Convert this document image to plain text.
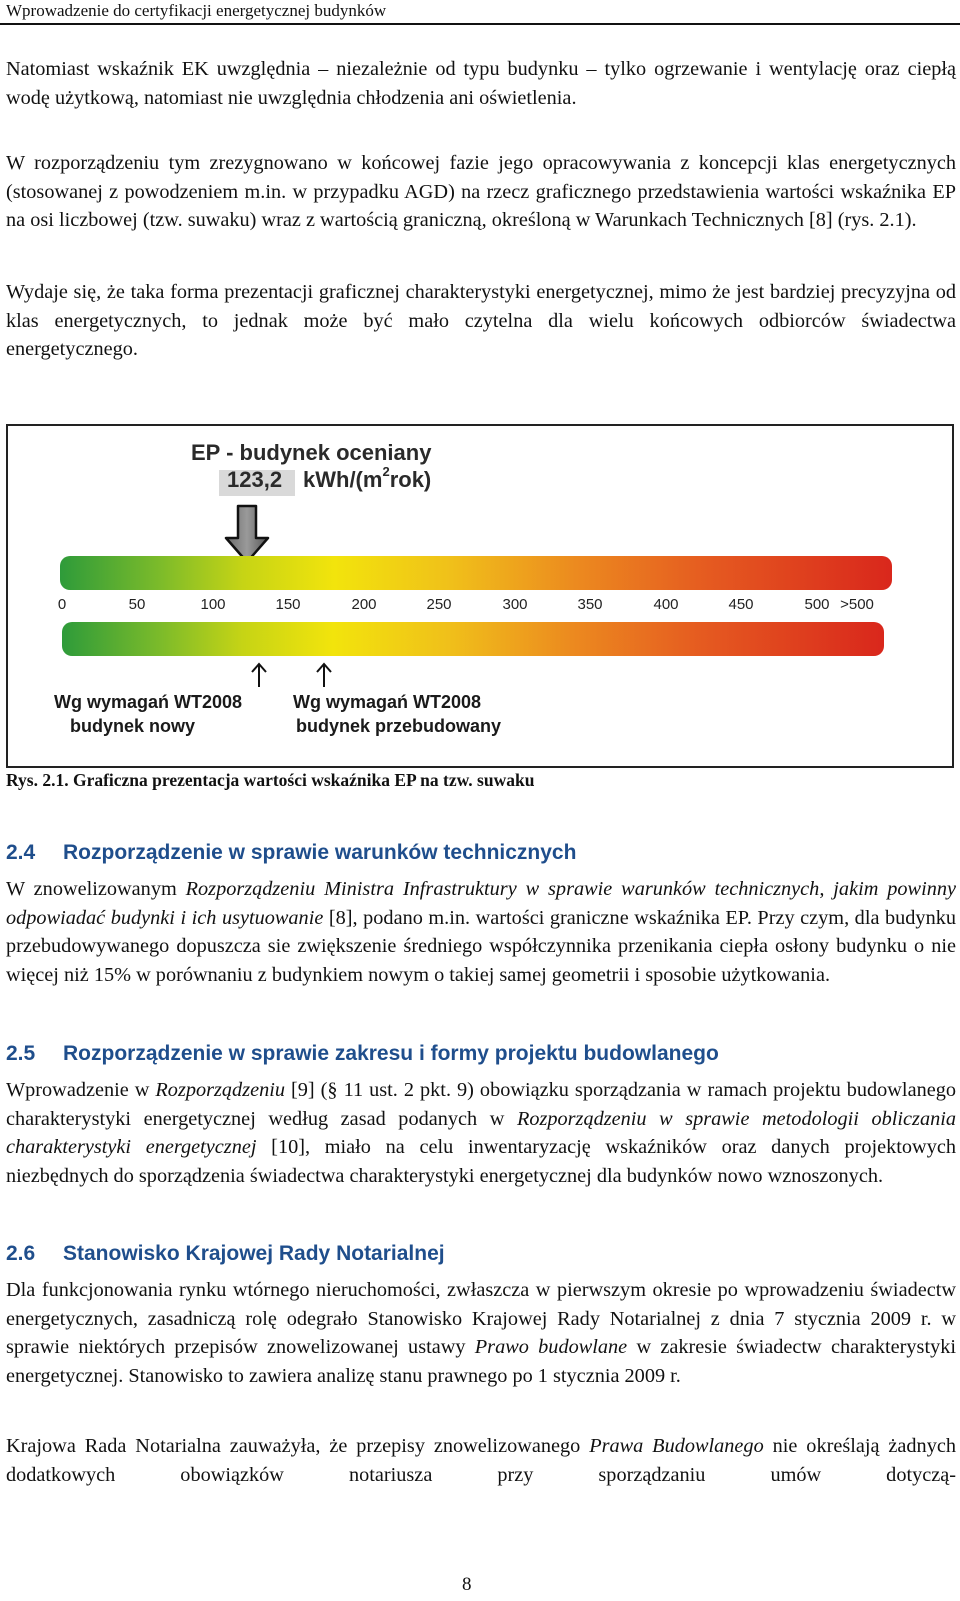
Wprowadzenie do certyfikacji energetycznej budynków

Natomiast wskaźnik EK uwzględnia – niezależnie od typu budynku – tylko ogrzewanie i wentylację oraz ciepłą wodę użytkową, natomiast nie uwzględnia chłodzenia ani oświetlenia.

W rozporządzeniu tym zrezygnowano w końcowej fazie jego opracowywania z koncepcji klas energetycznych (stosowanej z powodzeniem m.in. w przypadku AGD) na rzecz graficznego przedstawienia wartości wskaźnika EP na osi liczbowej (tzw. suwaku) wraz z wartością graniczną, określoną w Warunkach Technicznych [8] (rys. 2.1).

Wydaje się, że taka forma prezentacji graficznej charakterystyki energetycznej, mimo że jest bardziej precyzyjna od klas energetycznych, to jednak może być mało czytelna dla wielu końcowych odbiorców świadectwa energetycznego.

EP - budynek oceniany
123,2 kWh/$(m^2rok)$
0	50	100	150	200	250	300	350	400	450	500 >500
Wg wymagań WT2008
budynek nowy
Wg wymagań WT2008
budynek przebudowany
Rys. 2.1. Graficzna prezentacja wartości wskaźnika EP na tzw. suwaku
2.4 Rozporządzenie w sprawie warunków technicznych

W znowelizowanym Rozporządzeniu Ministra Infrastruktury w sprawie warunków technicznych, jakim powinny odpowiadać budynki i ich usytuowanie [8], podano m.in. wartości graniczne wskaźnika EP. Przy czym, dla budynku przebudowywanego dopuszcza sie zwiększenie średniego współczynnika przenikania ciepła osłony budynku o nie więcej niż 15% w porównaniu z budynkiem nowym o takiej samej geometrii i sposobie użytkowania.

2.5 Rozporządzenie w sprawie zakresu i formy projektu budowlanego

Wprowadzenie w Rozporządzeniu [9] (§ 11 ust. 2 pkt. 9) obowiązku sporządzania w ramach projektu budowlanego charakterystyki energetycznej według zasad podanych w Rozporządzeniu w sprawie metodologii obliczania charakterystyki energetycznej [10], miało na celu inwentaryzację wskaźników oraz danych projektowych niezbędnych do sporządzenia świadectwa charakterystyki energetycznej dla budynków nowo wznoszonych.

2.6 Stanowisko Krajowej Rady Notarialnej

Dla funkcjonowania rynku wtórnego nieruchomości, zwłaszcza w pierwszym okresie po wprowadzeniu świadectw energetycznych, zasadniczą rolę odegrało Stanowisko Krajowej Rady Notarialnej z dnia 7 stycznia 2009 r. w sprawie niektórych przepisów znowelizowanej ustawy Prawo budowlane w zakresie świadectw charakterystyki energetycznej. Stanowisko to zawiera analizę stanu prawnego po 1 stycznia 2009 r.

Krajowa Rada Notarialna zauważyła, że przepisy znowelizowanego Prawa Budowlanego nie określają żadnych dodatkowych obowiązków notariusza przy sporządzaniu umów dotyczą-

8
